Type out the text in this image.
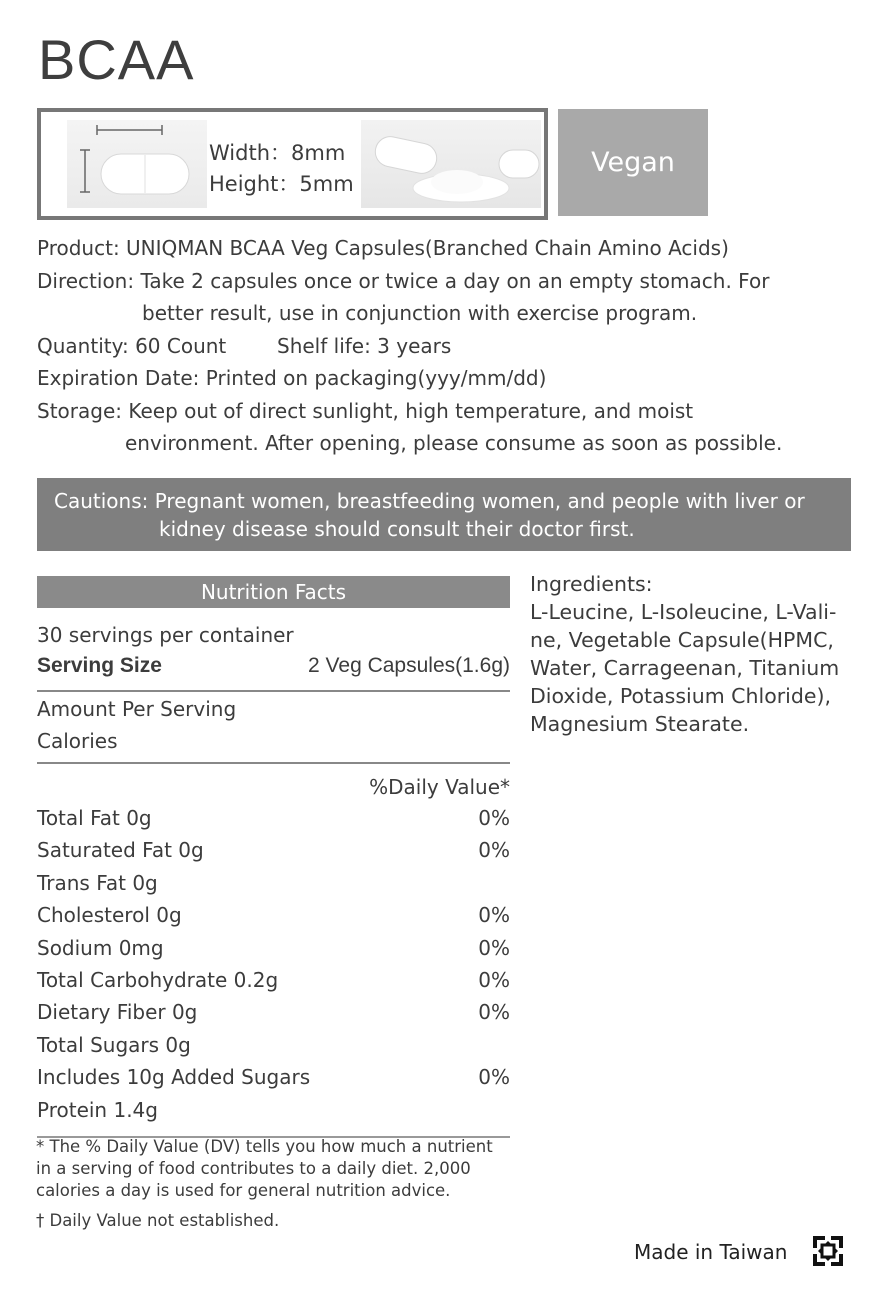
BCAA
Width：8mm
Height：5mm
Vegan
Product: UNIQMAN BCAA Veg Capsules(Branched Chain Amino Acids)
Direction: Take 2 capsules once or twice a day on an empty stomach. For
better result, use in conjunction with exercise program.
Quantity: 60 Count	Shelf life: 3 years
Expiration Date: Printed on packaging(yyy/mm/dd)
Storage: Keep out of direct sunlight, high temperature, and moist
environment. After opening, please consume as soon as possible.
Cautions: Pregnant women, breastfeeding women, and people with liver or
kidney disease should consult their doctor first.
Nutrition Facts
30 servings per container
Serving Size	2 Veg Capsules(1.6g)
Amount Per Serving
Calories
%Daily Value*
Total Fat 0g	0%
Saturated Fat 0g	0%
Trans Fat 0g
Cholesterol 0g	0%
Sodium 0mg	0%
Total Carbohydrate 0.2g	0%
Dietary Fiber 0g	0%
Total Sugars 0g
Includes 10g Added Sugars	0%
Protein 1.4g
* The % Daily Value (DV) tells you how much a nutrient
in a serving of food contributes to a daily diet. 2,000
calories a day is used for general nutrition advice.
† Daily Value not established.
Ingredients:
L-Leucine, L-Isoleucine, L-Vali-
ne, Vegetable Capsule(HPMC,
Water, Carrageenan, Titanium
Dioxide, Potassium Chloride),
Magnesium Stearate.
Made in Taiwan
